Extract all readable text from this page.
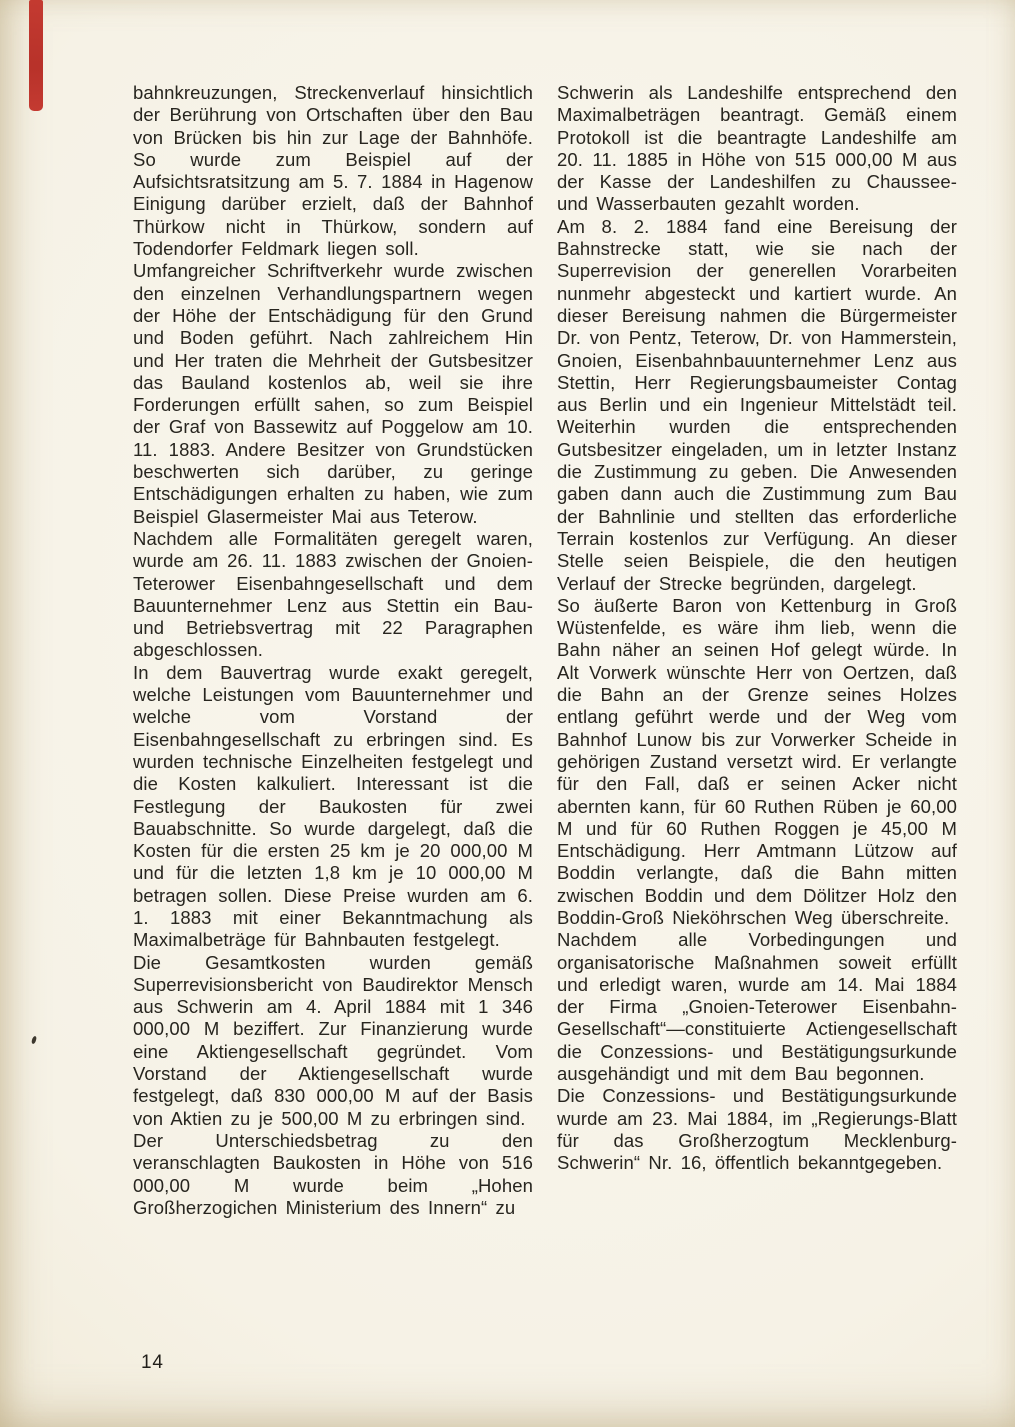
bahnkreuzungen, Streckenverlauf hinsichtlich der Berührung von Ortschaften über den Bau von Brücken bis hin zur Lage der Bahnhöfe. So wurde zum Beispiel auf der Aufsichtsratsitzung am 5. 7. 1884 in Hagenow Einigung darüber erzielt, daß der Bahnhof Thürkow nicht in Thürkow, sondern auf Todendorfer Feldmark liegen soll.

Umfangreicher Schriftverkehr wurde zwischen den einzelnen Verhandlungspartnern wegen der Höhe der Entschädigung für den Grund und Boden geführt. Nach zahlreichem Hin und Her traten die Mehrheit der Gutsbesitzer das Bauland kostenlos ab, weil sie ihre Forderungen erfüllt sahen, so zum Beispiel der Graf von Bassewitz auf Poggelow am 10. 11. 1883. Andere Besitzer von Grundstücken beschwerten sich darüber, zu geringe Entschädigungen erhalten zu haben, wie zum Beispiel Glasermeister Mai aus Teterow.

Nachdem alle Formalitäten geregelt waren, wurde am 26. 11. 1883 zwischen der Gnoien-Teterower Eisenbahngesellschaft und dem Bauunternehmer Lenz aus Stettin ein Bau- und Betriebsvertrag mit 22 Paragraphen abgeschlossen.

In dem Bauvertrag wurde exakt geregelt, welche Leistungen vom Bauunternehmer und welche vom Vorstand der Eisenbahngesellschaft zu erbringen sind. Es wurden technische Einzelheiten festgelegt und die Kosten kalkuliert. Interessant ist die Festlegung der Baukosten für zwei Bauabschnitte. So wurde dargelegt, daß die Kosten für die ersten 25 km je 20 000,00 M und für die letzten 1,8 km je 10 000,00 M betragen sollen. Diese Preise wurden am 6. 1. 1883 mit einer Bekanntmachung als Maximalbeträge für Bahnbauten festgelegt.

Die Gesamtkosten wurden gemäß Superrevisionsbericht von Baudirektor Mensch aus Schwerin am 4. April 1884 mit 1 346 000,00 M beziffert. Zur Finanzierung wurde eine Aktiengesellschaft gegründet. Vom Vorstand der Aktiengesellschaft wurde festgelegt, daß 830 000,00 M auf der Basis von Aktien zu je 500,00 M zu erbringen sind.

Der Unterschiedsbetrag zu den veranschlagten Baukosten in Höhe von 516 000,00 M wurde beim „Hohen Großherzogichen Ministerium des Innern“ zu

Schwerin als Landeshilfe entsprechend den Maximalbeträgen beantragt. Gemäß einem Protokoll ist die beantragte Landeshilfe am 20. 11. 1885 in Höhe von 515 000,00 M aus der Kasse der Landeshilfen zu Chaussee- und Wasserbauten gezahlt worden.

Am 8. 2. 1884 fand eine Bereisung der Bahnstrecke statt, wie sie nach der Superrevision der generellen Vorarbeiten nunmehr abgesteckt und kartiert wurde. An dieser Bereisung nahmen die Bürgermeister Dr. von Pentz, Teterow, Dr. von Hammerstein, Gnoien, Eisenbahnbauunternehmer Lenz aus Stettin, Herr Regierungsbaumeister Contag aus Berlin und ein Ingenieur Mittelstädt teil. Weiterhin wurden die entsprechenden Gutsbesitzer eingeladen, um in letzter Instanz die Zustimmung zu geben. Die Anwesenden gaben dann auch die Zustimmung zum Bau der Bahnlinie und stellten das erforderliche Terrain kostenlos zur Verfügung. An dieser Stelle seien Beispiele, die den heutigen Verlauf der Strecke begründen, dargelegt.

So äußerte Baron von Kettenburg in Groß Wüstenfelde, es wäre ihm lieb, wenn die Bahn näher an seinen Hof gelegt würde. In Alt Vorwerk wünschte Herr von Oertzen, daß die Bahn an der Grenze seines Holzes entlang geführt werde und der Weg vom Bahnhof Lunow bis zur Vorwerker Scheide in gehörigen Zustand versetzt wird. Er verlangte für den Fall, daß er seinen Acker nicht abernten kann, für 60 Ruthen Rüben je 60,00 M und für 60 Ruthen Roggen je 45,00 M Entschädigung. Herr Amtmann Lützow auf Boddin verlangte, daß die Bahn mitten zwischen Boddin und dem Dölitzer Holz den Boddin-Groß Nieköhrschen Weg überschreite.

Nachdem alle Vorbedingungen und organisatorische Maßnahmen soweit erfüllt und erledigt waren, wurde am 14. Mai 1884 der Firma „Gnoien-Teterower Eisenbahn-Gesellschaft“—constituierte Actiengesellschaft die Conzessions- und Bestätigungsurkunde ausgehändigt und mit dem Bau begonnen.

Die Conzessions- und Bestätigungsurkunde wurde am 23. Mai 1884, im „Regierungs-Blatt für das Großherzogtum Mecklenburg-Schwerin“ Nr. 16, öffentlich bekanntgegeben.

14
